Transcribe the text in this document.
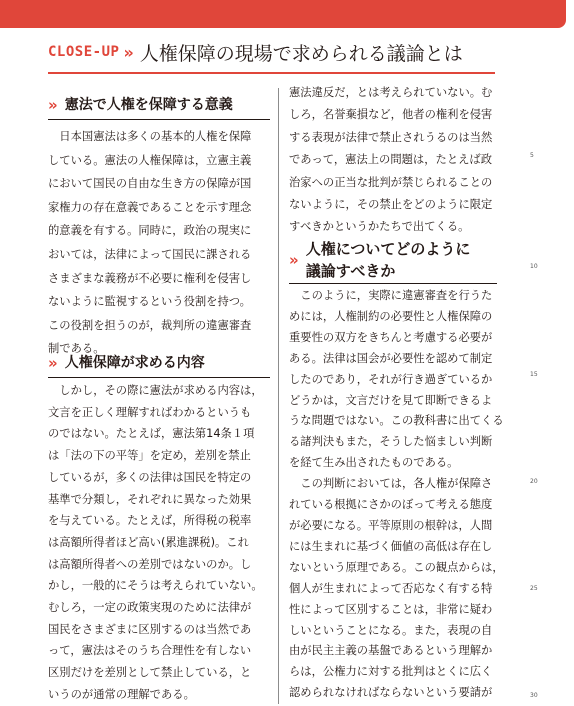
CLOSE-UP » 人権保障の現場で求められる議論とは
» 憲法で人権を保障する意義
　日本国憲法は多くの基本的人権を保障
している。憲法の人権保障は，立憲主義
において国民の自由な生き方の保障が国
家権力の存在意義であることを示す理念
的意義を有する。同時に，政治の現実に
おいては，法律によって国民に課される
さまざまな義務が不必要に権利を侵害し
ないように監視するという役割を持つ。
この役割を担うのが，裁判所の違憲審査
制である。
» 人権保障が求める内容
　しかし，その際に憲法が求める内容は，
文言を正しく理解すればわかるというも
のではない。たとえば，憲法第14条１項
は「法の下の平等」を定め，差別を禁止
しているが，多くの法律は国民を特定の
基準で分類し，それぞれに異なった効果
を与えている。たとえば，所得税の税率
は高額所得者ほど高い(累進課税)。これ
は高額所得者への差別ではないのか。し
かし，一般的にそうは考えられていない。
むしろ，一定の政策実現のために法律が
国民をさまざまに区別するのは当然であ
って，憲法はそのうち合理性を有しない
区別だけを差別として禁止している，と
いうのが通常の理解である。
憲法違反だ，とは考えられていない。む
しろ，名誉棄損など，他者の権利を侵害
する表現が法律で禁止されうるのは当然
であって，憲法上の問題は，たとえば政
治家への正当な批判が禁じられることの
ないように，その禁止をどのように限定
すべきかというかたちで出てくる。
»
人権についてどのように
議論すべきか
　このように，実際に違憲審査を行うた
めには，人権制約の必要性と人権保障の
重要性の双方をきちんと考慮する必要が
ある。法律は国会が必要性を認めて制定
したのであり，それが行き過ぎているか
どうかは，文言だけを見て即断できるよ
うな問題ではない。この教科書に出てくる
る諸判決もまた，そうした悩ましい判断
を経て生み出されたものである。
　この判断においては，各人権が保障さ
れている根拠にさかのぼって考える態度
が必要になる。平等原則の根幹は，人間
には生まれに基づく価値の高低は存在し
ないという原理である。この観点からは，
個人が生まれによって否応なく有する特
性によって区別することは，非常に疑わ
しいということになる。また，表現の自
由が民主主義の基盤であるという理解か
らは，公権力に対する批判はとくに広く
認められなければならないという要請が
5
10
15
20
25
30
